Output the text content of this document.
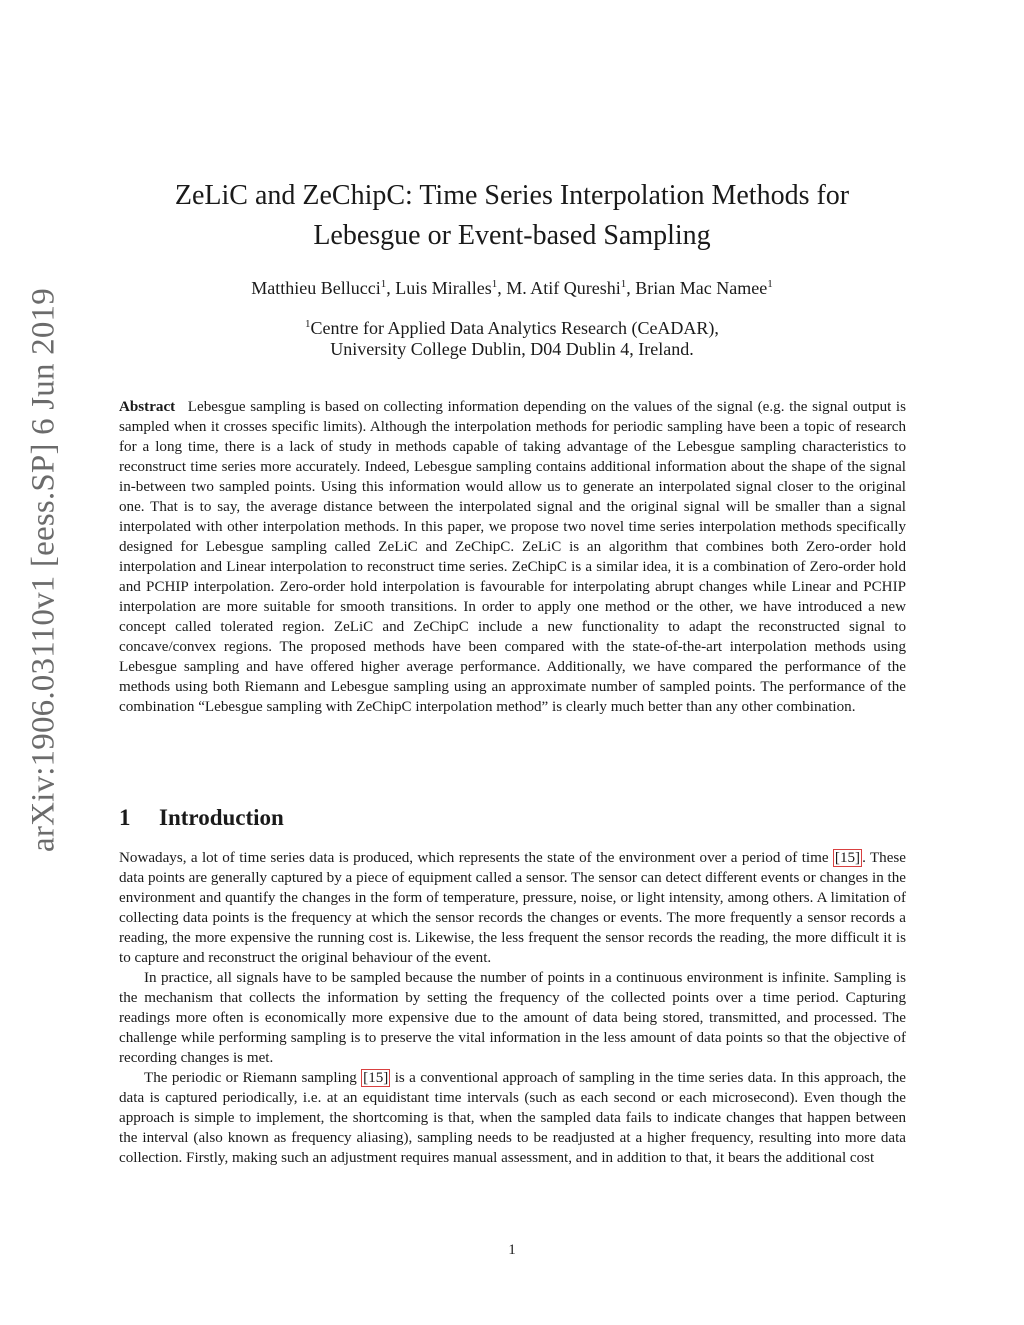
arXiv:1906.03110v1 [eess.SP] 6 Jun 2019
ZeLiC and ZeChipC: Time Series Interpolation Methods for
Lebesgue or Event-based Sampling
Matthieu Bellucci$^1$, Luis Miralles$^1$, M. Atif Qureshi$^1$, Brian Mac Namee$^1$
$^1$Centre for Applied Data Analytics Research (CeADAR),
University College Dublin, D04 Dublin 4, Ireland.
Abstract Lebesgue sampling is based on collecting information depending on the values of the signal (e.g. the signal output is sampled when it crosses specific limits). Although the interpolation methods for periodic sampling have been a topic of research for a long time, there is a lack of study in methods capable of taking advantage of the Lebesgue sampling characteristics to reconstruct time series more accurately. Indeed, Lebesgue sampling contains additional information about the shape of the signal in-between two sampled points. Using this information would allow us to generate an interpolated signal closer to the original one. That is to say, the average distance between the interpolated signal and the original signal will be smaller than a signal interpolated with other interpolation methods. In this paper, we propose two novel time series interpolation methods specifically designed for Lebesgue sampling called ZeLiC and ZeChipC. ZeLiC is an algorithm that combines both Zero-order hold interpolation and Linear interpolation to reconstruct time series. ZeChipC is a similar idea, it is a combination of Zero-order hold and PCHIP interpolation. Zero-order hold interpolation is favourable for interpolating abrupt changes while Linear and PCHIP interpolation are more suitable for smooth transitions. In order to apply one method or the other, we have introduced a new concept called tolerated region. ZeLiC and ZeChipC include a new functionality to adapt the reconstructed signal to concave/convex regions. The proposed methods have been compared with the state-of-the-art interpolation methods using Lebesgue sampling and have offered higher average performance. Additionally, we have compared the performance of the methods using both Riemann and Lebesgue sampling using an approximate number of sampled points. The performance of the combination “Lebesgue sampling with ZeChipC interpolation method” is clearly much better than any other combination.
1 Introduction

Nowadays, a lot of time series data is produced, which represents the state of the environment over a period of time [15] . These data points are generally captured by a piece of equipment called a sensor. The sensor can detect different events or changes in the environment and quantify the changes in the form of temperature, pressure, noise, or light intensity, among others. A limitation of collecting data points is the frequency at which the sensor records the changes or events. The more frequently a sensor records a reading, the more expensive the running cost is. Likewise, the less frequent the sensor records the reading, the more difficult it is to capture and reconstruct the original behaviour of the event.

In practice, all signals have to be sampled because the number of points in a continuous environment is infinite. Sampling is the mechanism that collects the information by setting the frequency of the collected points over a time period. Capturing readings more often is economically more expensive due to the amount of data being stored, transmitted, and processed. The challenge while performing sampling is to preserve the vital information in the less amount of data points so that the objective of recording changes is met.

The periodic or Riemann sampling [15] is a conventional approach of sampling in the time series data. In this approach, the data is captured periodically, i.e. at an equidistant time intervals (such as each second or each microsecond). Even though the approach is simple to implement, the shortcoming is that, when the sampled data fails to indicate changes that happen between the interval (also known as frequency aliasing), sampling needs to be readjusted at a higher frequency, resulting into more data collection. Firstly, making such an adjustment requires manual assessment, and in addition to that, it bears the additional cost

1
